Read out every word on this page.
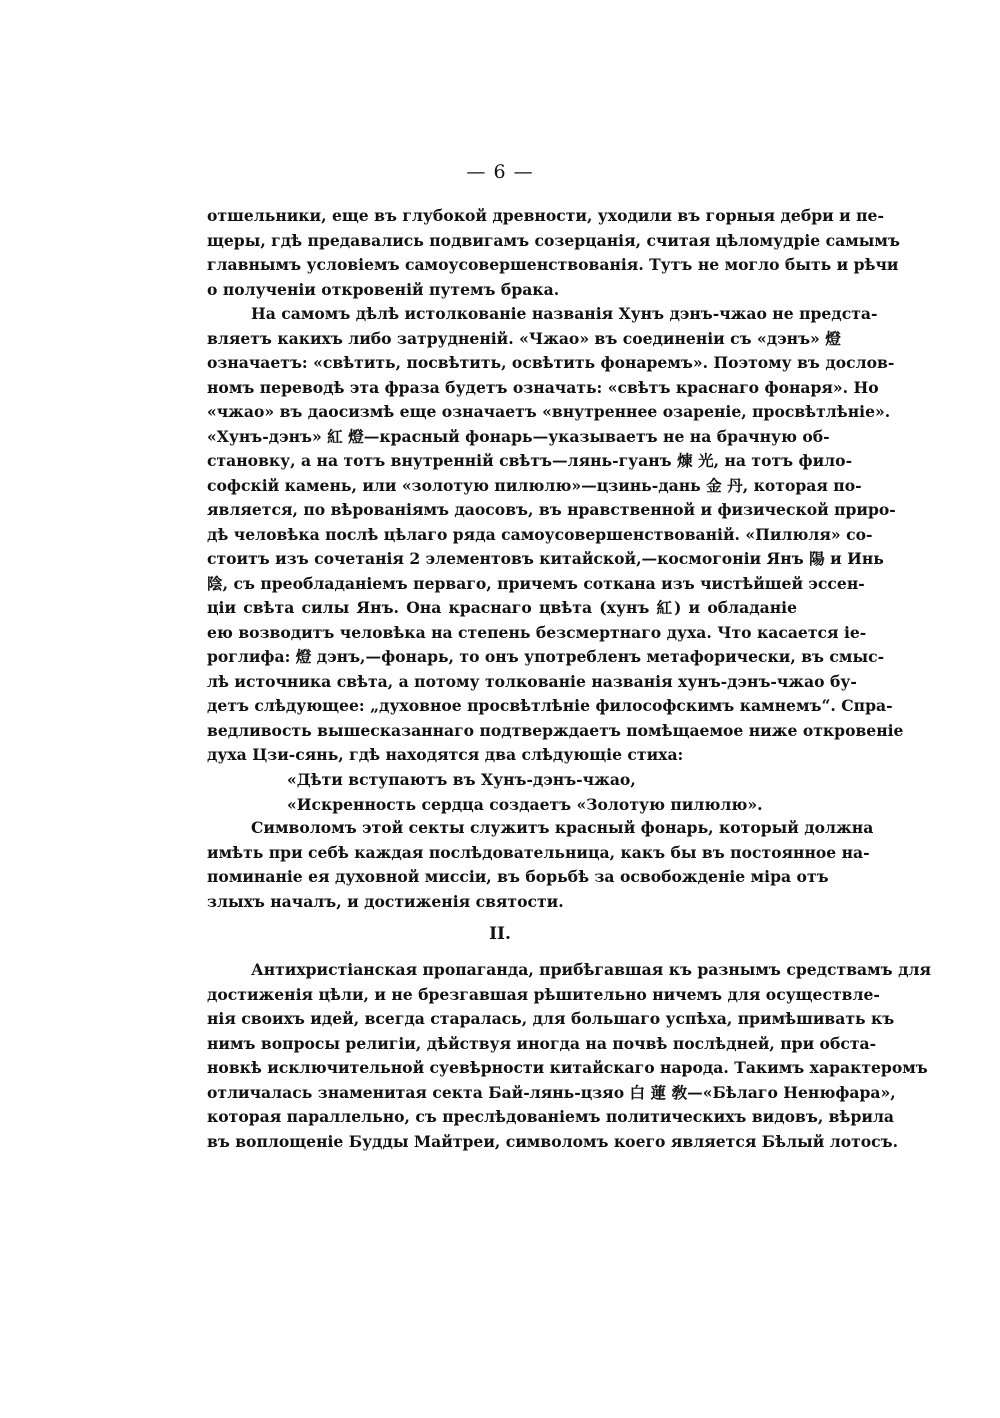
— 6 —
отшельники, еще въ глубокой древности, уходили въ горныя дебри и пе-
щеры, гдѣ предавались подвигамъ созерцанія, считая цѣломудріе самымъ
главнымъ условіемъ самоусовершенствованія. Тутъ не могло быть и рѣчи
о полученіи откровеній путемъ брака.
На самомъ дѣлѣ истолкованіе названія Хунъ дэнъ-чжао не предста-
вляетъ какихъ либо затрудненій. «Чжао» въ соединеніи съ «дэнъ» 燈
означаетъ: «свѣтить, посвѣтить, освѣтить фонаремъ». Поэтому въ дослов-
номъ переводѣ эта фраза будетъ означать: «свѣтъ краснаго фонаря». Но
«чжао» въ даосизмѣ еще означаетъ «внутреннее озареніе, просвѣтлѣніе».
«Хунъ-дэнъ» 紅 燈—красный фонарь—указываетъ не на брачную об-
становку, а на тотъ внутренній свѣтъ—лянь-гуанъ 煉 光, на тотъ фило-
софскій камень, или «золотую пилюлю»—цзинь-дань 金 丹, которая по-
является, по вѣрованіямъ даосовъ, въ нравственной и физической приро-
дѣ человѣка послѣ цѣлаго ряда самоусовершенствованій. «Пилюля» со-
стоитъ изъ сочетанія 2 элементовъ китайской,—космогоніи Янъ 陽 и Инь
陰, съ преобладаніемъ перваго, причемъ соткана изъ чистѣйшей эссен-
ціи свѣта силы Янъ. Она краснаго цвѣта (хунъ 紅) и обладаніе
ею возводитъ человѣка на степень безсмертнаго духа. Что касается іе-
роглифа: 燈 дэнъ,—фонарь, то онъ употребленъ метафорически, въ смыс-
лѣ источника свѣта, а потому толкованіе названія хунъ-дэнъ-чжао бу-
детъ слѣдующее: „духовное просвѣтлѣніе философскимъ камнемъ“. Спра-
ведливость вышесказаннаго подтверждаетъ помѣщаемое ниже откровеніе
духа Цзи-сянь, гдѣ находятся два слѣдующіе стиха:
«Дѣти вступаютъ въ Хунъ-дэнъ-чжао,
«Искренность сердца создаетъ «Золотую пилюлю».
Символомъ этой секты служитъ красный фонарь, который должна
имѣть при себѣ каждая послѣдовательница, какъ бы въ постоянное на-
поминаніе ея духовной миссіи, въ борьбѣ за освобожденіе міра отъ
злыхъ началъ, и достиженія святости.
II.
Антихристіанская пропаганда, прибѣгавшая къ разнымъ средствамъ для
достиженія цѣли, и не брезгавшая рѣшительно ничемъ для осуществле-
нія своихъ идей, всегда старалась, для большаго успѣха, примѣшивать къ
нимъ вопросы религіи, дѣйствуя иногда на почвѣ послѣдней, при обста-
новкѣ исключительной суевѣрности китайскаго народа. Такимъ характеромъ
отличалась знаменитая секта Бай-лянь-цзяо 白 蓮 敎—«Бѣлаго Ненюфара»,
которая параллельно, съ преслѣдованіемъ политическихъ видовъ, вѣрила
въ воплощеніе Будды Майтреи, символомъ коего является Бѣлый лотосъ.
